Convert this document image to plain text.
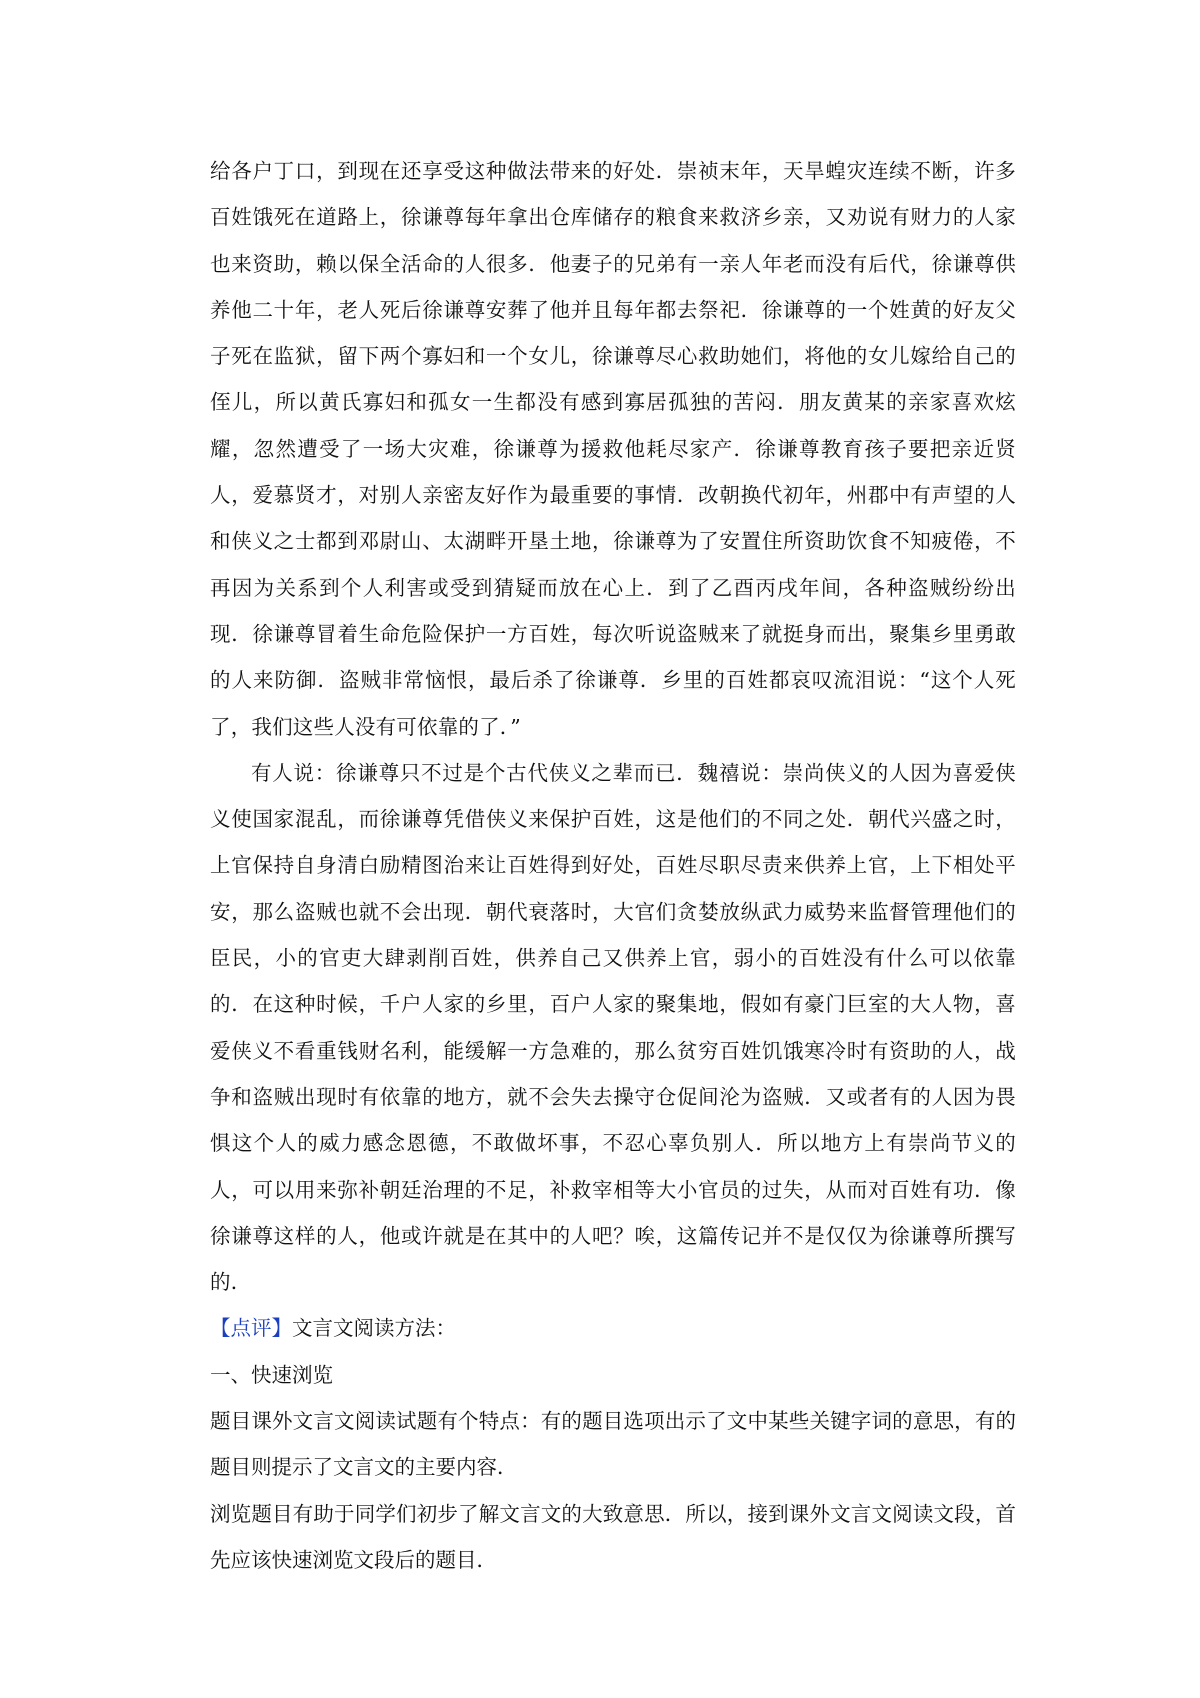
给各户丁口，到现在还享受这种做法带来的好处．崇祯末年，天旱蝗灾连续不断，许多百姓饿死在道路上，徐谦尊每年拿出仓库储存的粮食来救济乡亲，又劝说有财力的人家也来资助，赖以保全活命的人很多．他妻子的兄弟有一亲人年老而没有后代，徐谦尊供养他二十年，老人死后徐谦尊安葬了他并且每年都去祭祀．徐谦尊的一个姓黄的好友父子死在监狱，留下两个寡妇和一个女儿，徐谦尊尽心救助她们，将他的女儿嫁给自己的侄儿，所以黄氏寡妇和孤女一生都没有感到寡居孤独的苦闷．朋友黄某的亲家喜欢炫耀，忽然遭受了一场大灾难，徐谦尊为援救他耗尽家产．徐谦尊教育孩子要把亲近贤人，爱慕贤才，对别人亲密友好作为最重要的事情．改朝换代初年，州郡中有声望的人和侠义之士都到邓尉山、太湖畔开垦土地，徐谦尊为了安置住所资助饮食不知疲倦，不再因为关系到个人利害或受到猜疑而放在心上．到了乙酉丙戌年间，各种盗贼纷纷出现．徐谦尊冒着生命危险保护一方百姓，每次听说盗贼来了就挺身而出，聚集乡里勇敢的人来防御．盗贼非常恼恨，最后杀了徐谦尊．乡里的百姓都哀叹流泪说：“这个人死了，我们这些人没有可依靠的了．”

有人说：徐谦尊只不过是个古代侠义之辈而已．魏禧说：崇尚侠义的人因为喜爱侠义使国家混乱，而徐谦尊凭借侠义来保护百姓，这是他们的不同之处．朝代兴盛之时，上官保持自身清白励精图治来让百姓得到好处，百姓尽职尽责来供养上官，上下相处平安，那么盗贼也就不会出现．朝代衰落时，大官们贪婪放纵武力威势来监督管理他们的臣民，小的官吏大肆剥削百姓，供养自己又供养上官，弱小的百姓没有什么可以依靠的．在这种时候，千户人家的乡里，百户人家的聚集地，假如有豪门巨室的大人物，喜爱侠义不看重钱财名利，能缓解一方急难的，那么贫穷百姓饥饿寒冷时有资助的人，战争和盗贼出现时有依靠的地方，就不会失去操守仓促间沦为盗贼．又或者有的人因为畏惧这个人的威力感念恩德，不敢做坏事，不忍心辜负别人．所以地方上有崇尚节义的人，可以用来弥补朝廷治理的不足，补救宰相等大小官员的过失，从而对百姓有功．像徐谦尊这样的人，他或许就是在其中的人吧？唉，这篇传记并不是仅仅为徐谦尊所撰写的．

【点评】文言文阅读方法：

一、快速浏览

题目课外文言文阅读试题有个特点：有的题目选项出示了文中某些关键字词的意思，有的题目则提示了文言文的主要内容．

浏览题目有助于同学们初步了解文言文的大致意思．所以，接到课外文言文阅读文段，首先应该快速浏览文段后的题目．
